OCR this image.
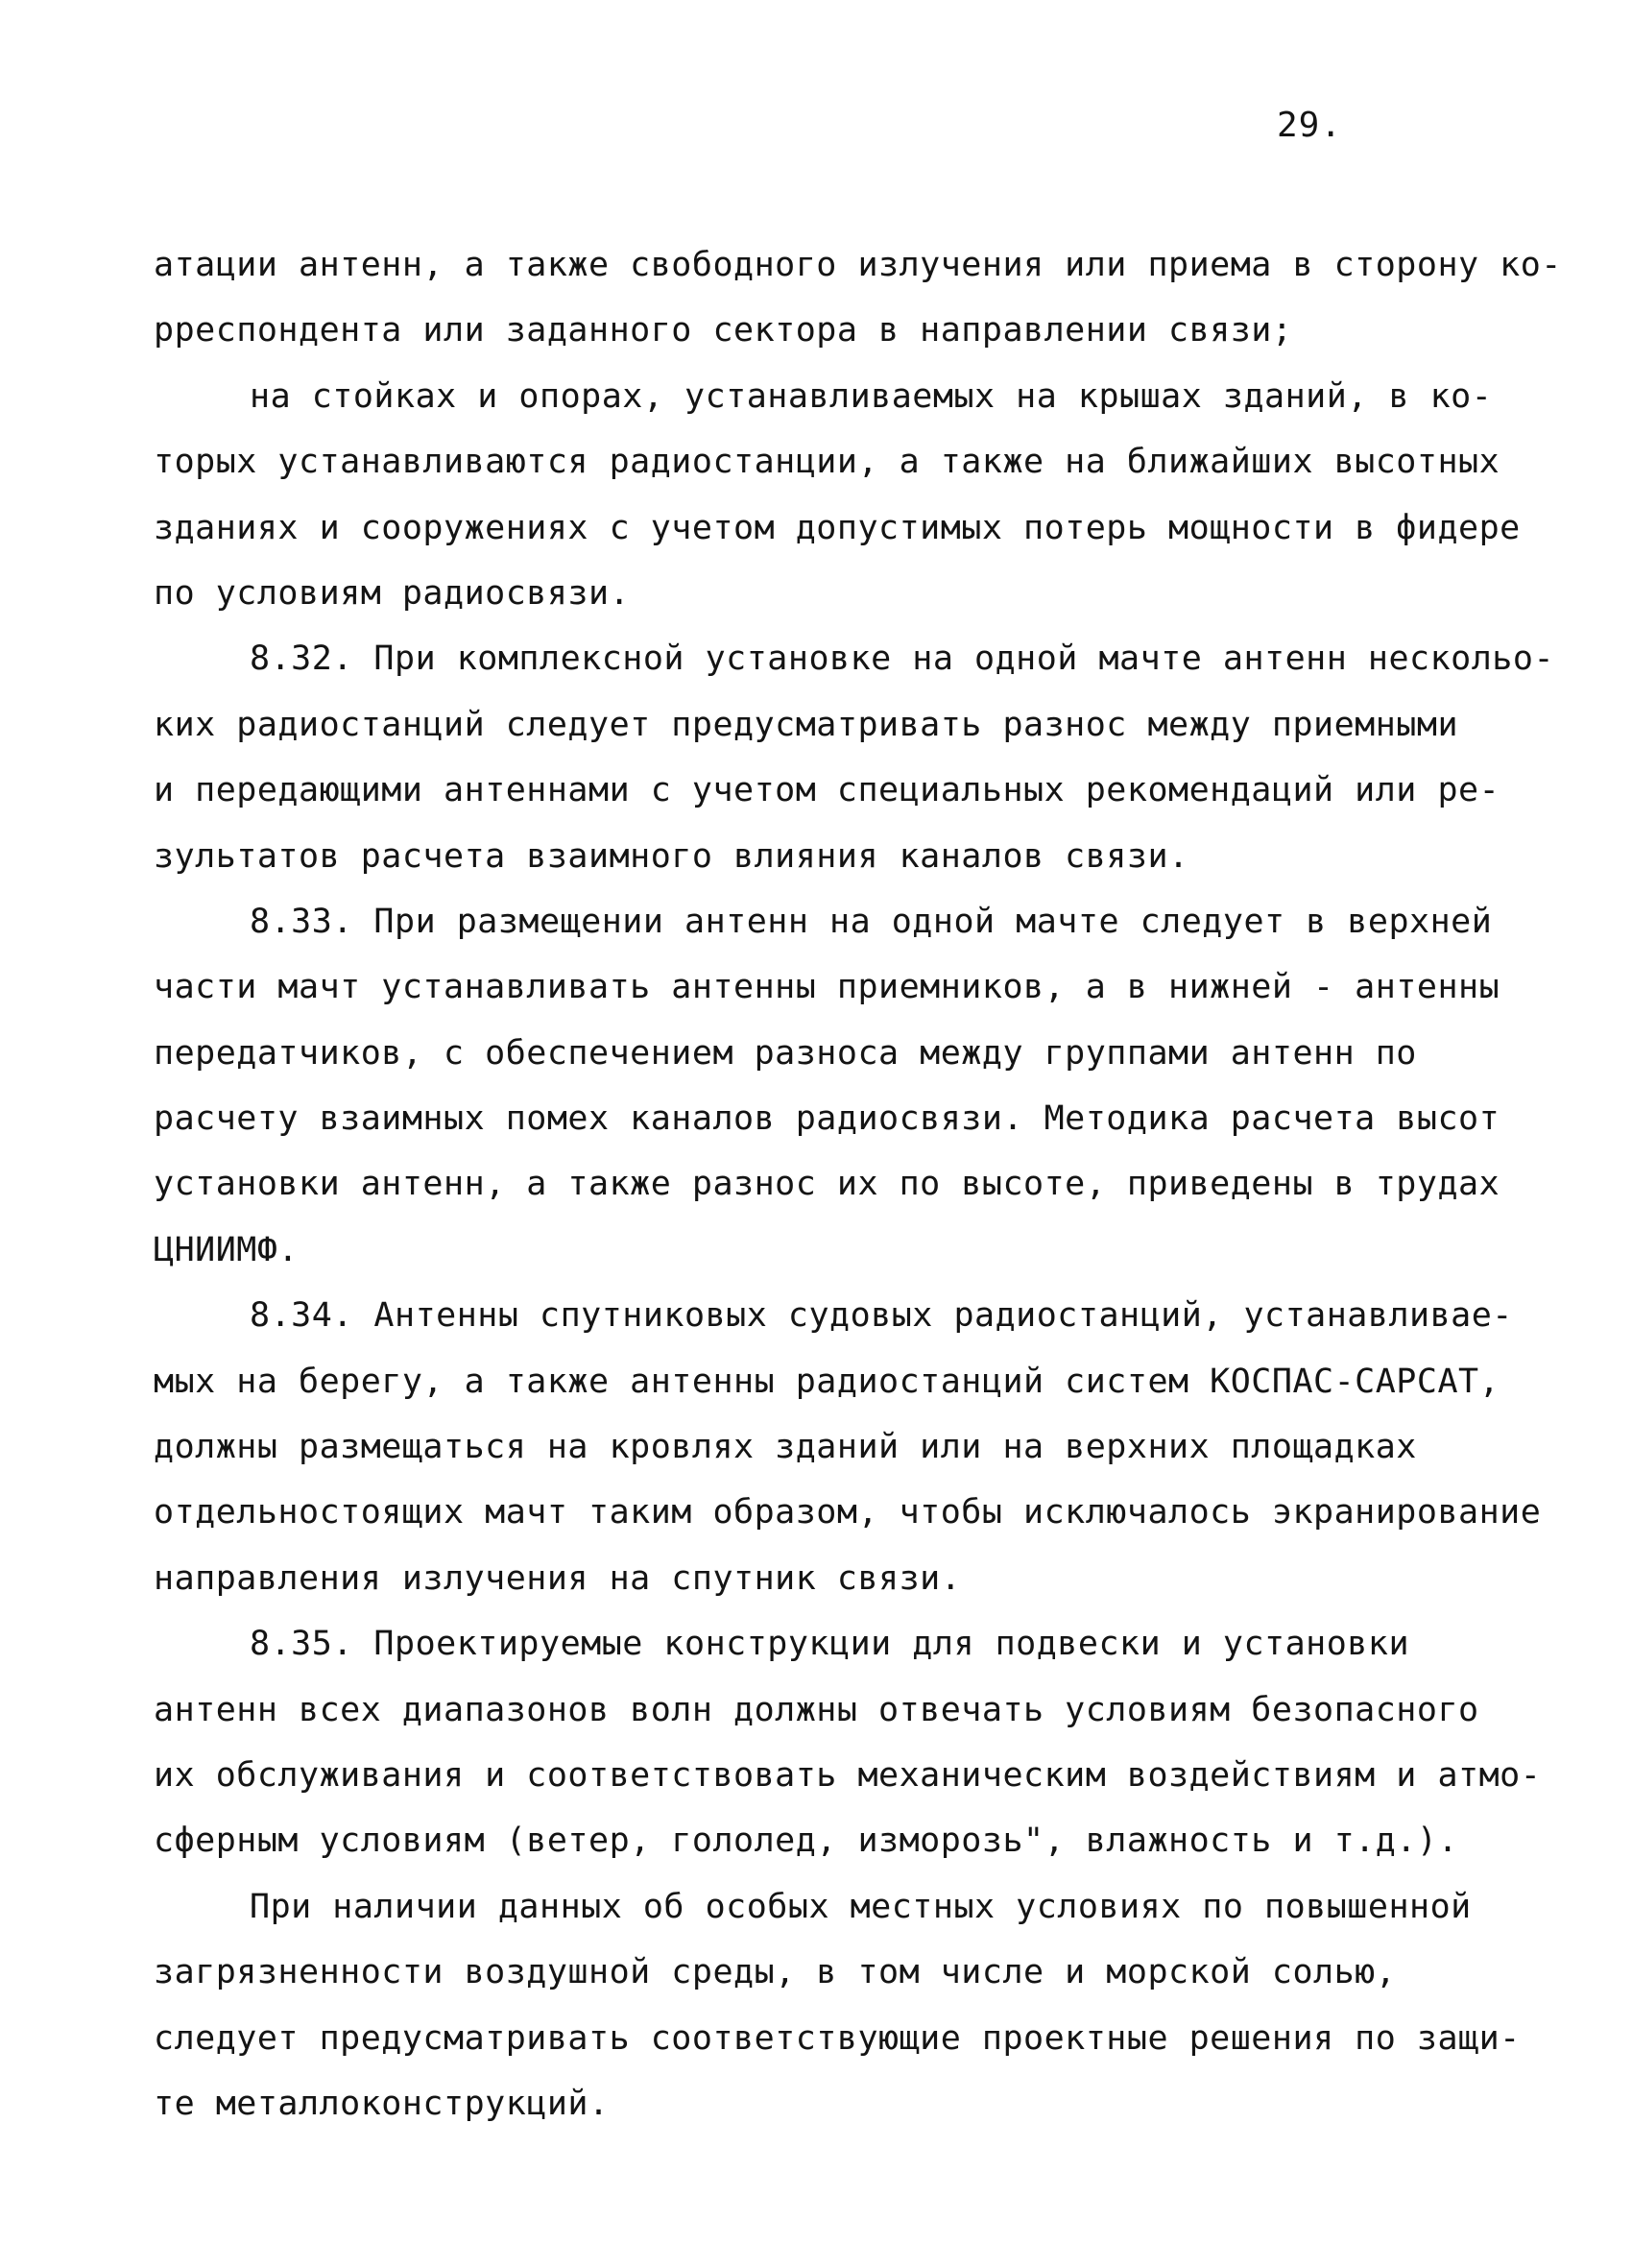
29.
атации антенн, а также свободного излучения или приема в сторону ко-
рреспондента или заданного сектора в направлении связи;
на стойках и опорах, устанавливаемых на крышах зданий, в ко-
торых устанавливаются радиостанции, а также на ближайших высотных
зданиях и сооружениях с учетом допустимых потерь мощности в фидере
по условиям радиосвязи.
8.32. При комплексной установке на одной мачте антенн нескольо-
ких радиостанций следует предусматривать разнос между приемными
и передающими антеннами с учетом специальных рекомендаций или ре-
зультатов расчета взаимного влияния каналов связи.
8.33. При размещении антенн на одной мачте следует в верхней
части мачт устанавливать антенны приемников, а в нижней - антенны
передатчиков, с обеспечением разноса между группами антенн по
расчету взаимных помех каналов радиосвязи. Методика расчета высот
установки антенн, а также разнос их по высоте, приведены в трудах
ЦНИИМФ.
8.34. Антенны спутниковых судовых радиостанций, устанавливае-
мых на берегу, а также антенны радиостанций систем КОСПАС-САРСАТ,
должны размещаться на кровлях зданий или на верхних площадках
отдельностоящих мачт таким образом, чтобы исключалось экранирование
направления излучения на спутник связи.
8.35. Проектируемые конструкции для подвески и установки
антенн всех диапазонов волн должны отвечать условиям безопасного
их обслуживания и соответствовать механическим воздействиям и атмо-
сферным условиям (ветер, гололед, изморозь", влажность и т.д.).
При наличии данных об особых местных условиях по повышенной
загрязненности воздушной среды, в том числе и морской солью,
следует предусматривать соответствующие проектные решения по защи-
те металлоконструкций.
